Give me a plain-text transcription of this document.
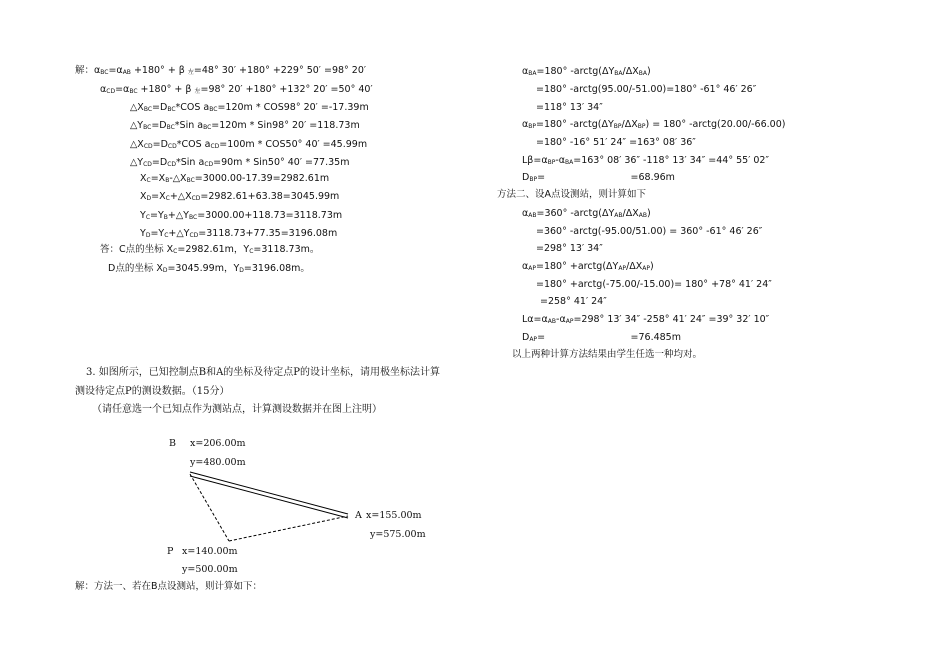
解：$\alpha_{BC}=\alpha_{AB} +180^\circ + \beta$ $_左$=48° 30′ +180° +229° 50′ =98° 20′
$\alpha_{CD}=\alpha_{BC} +180^\circ + \beta$ $_左$=98° 20′ +180° +132° 20′ =50° 40′
$\triangle X_{BC}=D_{BC}*COS$ $a_{BC}=120m * COS98^\circ$ 20′ =-17.39m
$\triangle Y_{BC}=D_{BC}*Sin$ $a_{BC}=120m * Sin98^\circ$ 20′ =118.73m
$\triangle X_{CD}=D_{CD}*COS$ $a_{CD}=100m * COS50^\circ$ 40′ =45.99m
$\triangle Y_{CD}=D_{CD}*Sin$ $a_{CD}=90m * Sin50^\circ$ 40′ =77.35m
$X_C=X_B-\triangle X_{BC}=3000.00-17.39=2982.61m$
$X_D=X_C+\triangle X_{CD}=2982.61+63.38=3045.99m$
$Y_C=Y_B+\triangle Y_{BC}=3000.00+118.73=3118.73m$
$Y_D=Y_C+\triangle Y_{CD}=3118.73+77.35=3196.08m$
答：C点的坐标 $X_C=2982.61m$，$Y_C=3118.73m$。
D点的坐标 $X_D=3045.99m$，$Y_D=3196.08m$。
3. 如图所示，已知控制点B和A的坐标及待定点P的设计坐标，请用极坐标法计算
测设待定点P的测设数据。（15分）
（请任意选一个已知点作为测站点，计算测设数据并在图上注明）
B x=206.00m
y=480.00m
A x=155.00m
y=575.00m
P x=140.00m
y=500.00m
解：方法一、若在B点设测站，则计算如下：
$\alpha_{BA}=180^\circ$ $-arctg(\Delta Y_{BA}/\Delta X_{BA})$
=180° -arctg(95.00/-51.00)=180° -61° 46′ 26″
=118° 13′ 34″
$\alpha_{BP}=180^\circ$ $-arctg(\Delta Y_{BP}/\Delta X_{BP}) = 180^\circ$ -arctg(20.00/-66.00)
=180° -16° 51′ 24″ =163° 08′ 36″
$L\beta=\alpha_{BP}-\alpha_{BA}=163^\circ$ 08′ 36″ -118° 13′ 34″ =44° 55′ 02″
$D_{BP}=$　　　　　　　　　=68.96m
方法二、设A点设测站，则计算如下
$\alpha_{AB}=360^\circ$ $-arctg(\Delta Y_{AB}/\Delta X_{AB})$
=360° -arctg(-95.00/51.00) = 360° -61° 46′ 26″
=298° 13′ 34″
$\alpha_{AP}=180^\circ$ $+arctg(\Delta Y_{AP}/\Delta X_{AP})$
=180° +arctg(-75.00/-15.00)= 180° +78° 41′ 24″
=258° 41′ 24″
$L\alpha=\alpha_{AB}-\alpha_{AP}=298^\circ$ 13′ 34″ -258° 41′ 24″ =39° 32′ 10″
$D_{AP}=$　　　　　　　　　=76.485m
以上两种计算方法结果由学生任选一种均对。
